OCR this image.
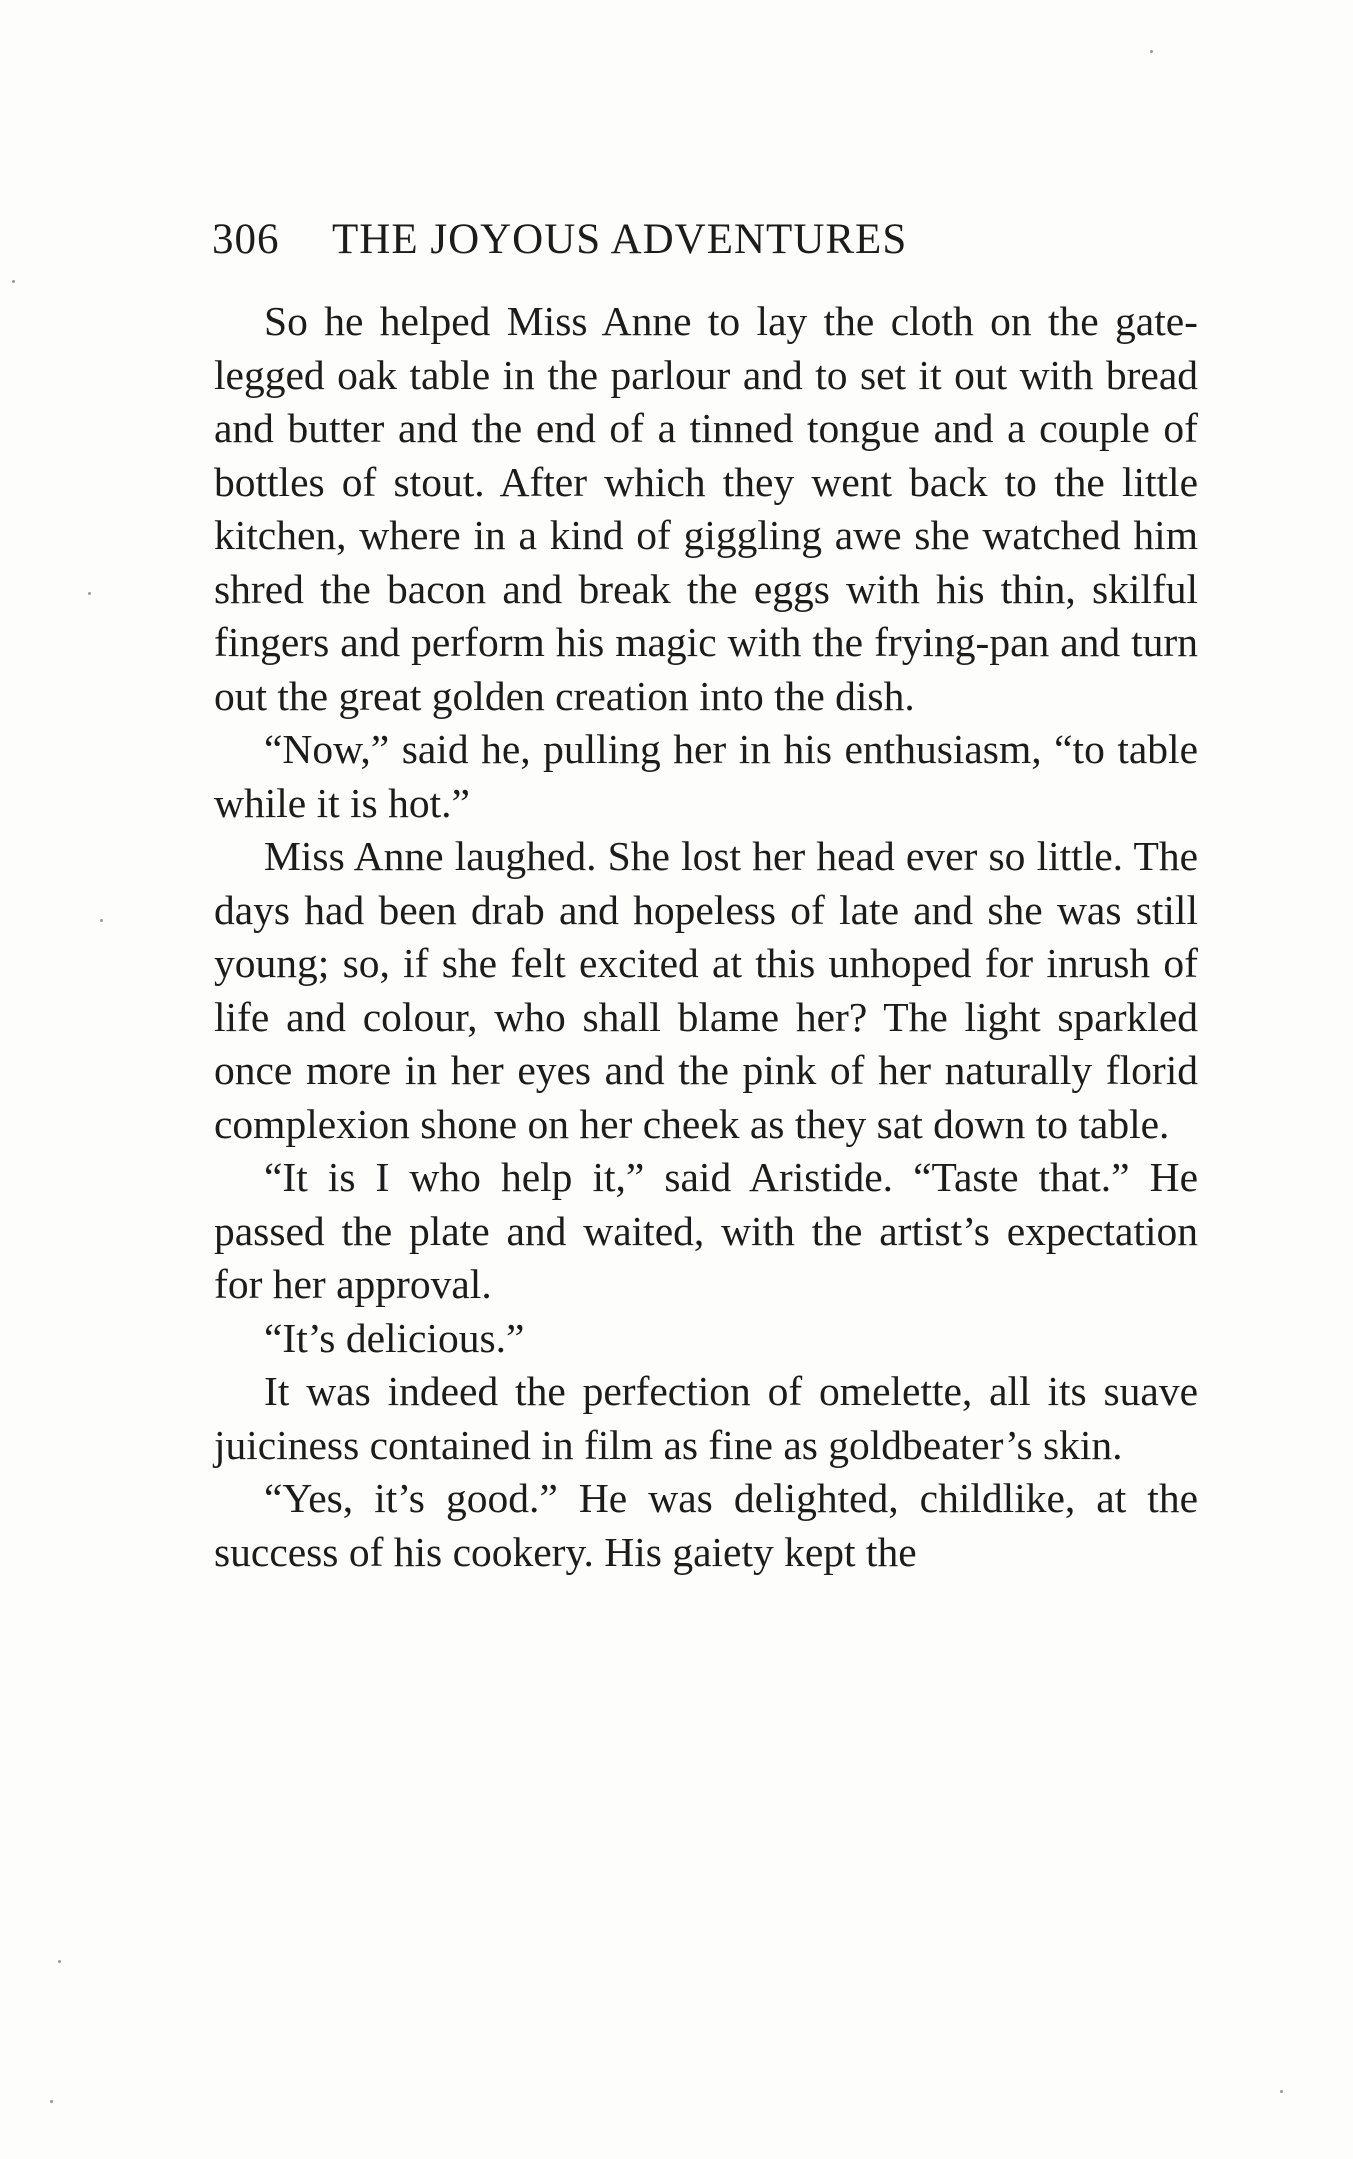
306 THE JOYOUS ADVENTURES

So he helped Miss Anne to lay the cloth on the gate-legged oak table in the parlour and to set it out with bread and butter and the end of a tinned tongue and a couple of bottles of stout. After which they went back to the little kitchen, where in a kind of giggling awe she watched him shred the bacon and break the eggs with his thin, skilful fingers and perform his magic with the frying-pan and turn out the great golden creation into the dish.

“Now,” said he, pulling her in his enthusiasm, “to table while it is hot.”

Miss Anne laughed. She lost her head ever so little. The days had been drab and hopeless of late and she was still young; so, if she felt excited at this unhoped for inrush of life and colour, who shall blame her? The light sparkled once more in her eyes and the pink of her naturally florid complexion shone on her cheek as they sat down to table.

“It is I who help it,” said Aristide. “Taste that.” He passed the plate and waited, with the artist’s expectation for her approval.

“It’s delicious.”

It was indeed the perfection of omelette, all its suave juiciness contained in film as fine as goldbeater’s skin.

“Yes, it’s good.” He was delighted, childlike, at the success of his cookery. His gaiety kept the
